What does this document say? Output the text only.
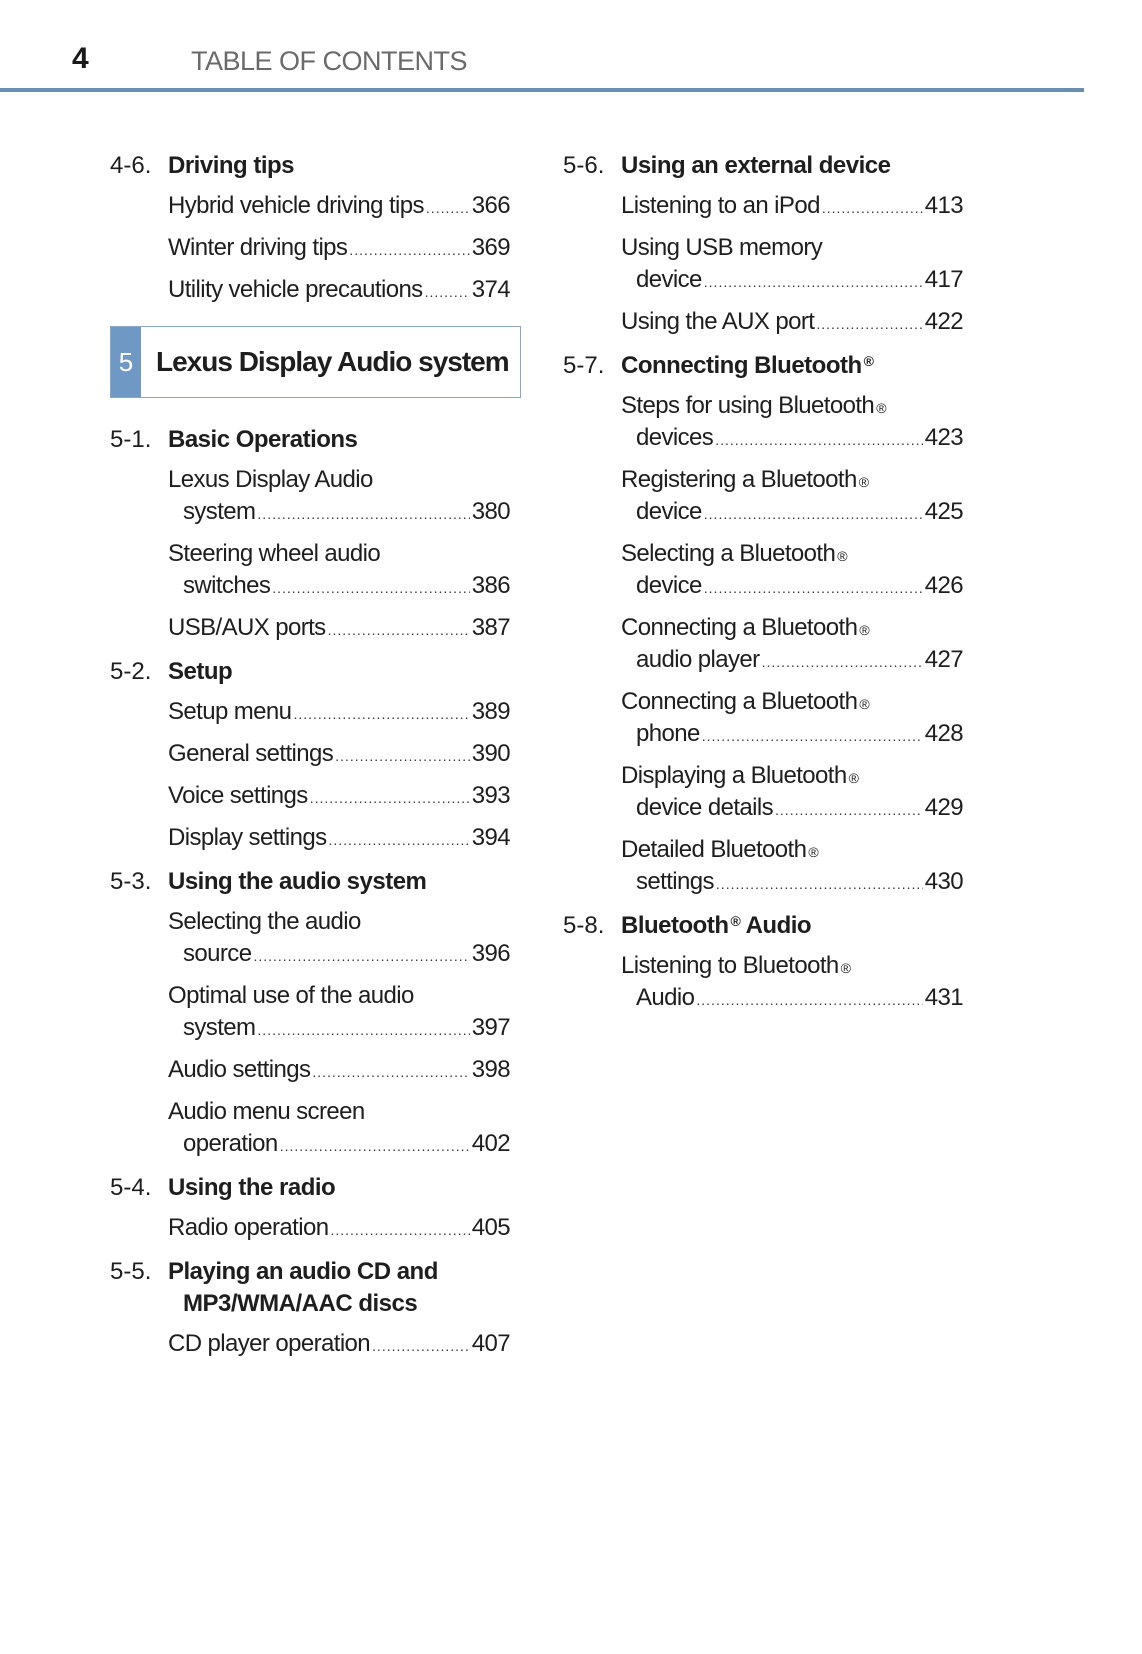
4	TABLE OF CONTENTS
4-6. Driving tips
Hybrid vehicle driving tips ..... 366
Winter driving tips .....	369
Utility vehicle precautions ..... 374
5 Lexus Display Audio system
5-1. Basic Operations
Lexus Display Audio
system .....	380
Steering wheel audio
switches .....	386
USB/AUX ports .....	387
5-2. Setup
Setup menu .....	389
General settings .....	390
Voice settings .....	393
Display settings .....	394
5-3. Using the audio system
Selecting the audio
source .....	396
Optimal use of the audio
system .....	397
Audio settings .....	398
Audio menu screen
operation .....	402
5-4. Using the radio
Radio operation .....	405
5-5. Playing an audio CD and
MP3/WMA/AAC discs
CD player operation .....	407
5-6. Using an external device
Listening to an iPod .....	413
Using USB memory
device .....	417
Using the AUX port .....	422
5-7. Connecting Bluetooth ®
Steps for using Bluetooth ®
devices .....	423
Registering a Bluetooth ®
device .....	425
Selecting a Bluetooth ®
device .....	426
Connecting a Bluetooth ®
audio player .....	427
Connecting a Bluetooth ®
phone .....	428
Displaying a Bluetooth ®
device details .....	429
Detailed Bluetooth ®
settings .....	430
5-8. Bluetooth ® Audio
Listening to Bluetooth ®
Audio .....	431
